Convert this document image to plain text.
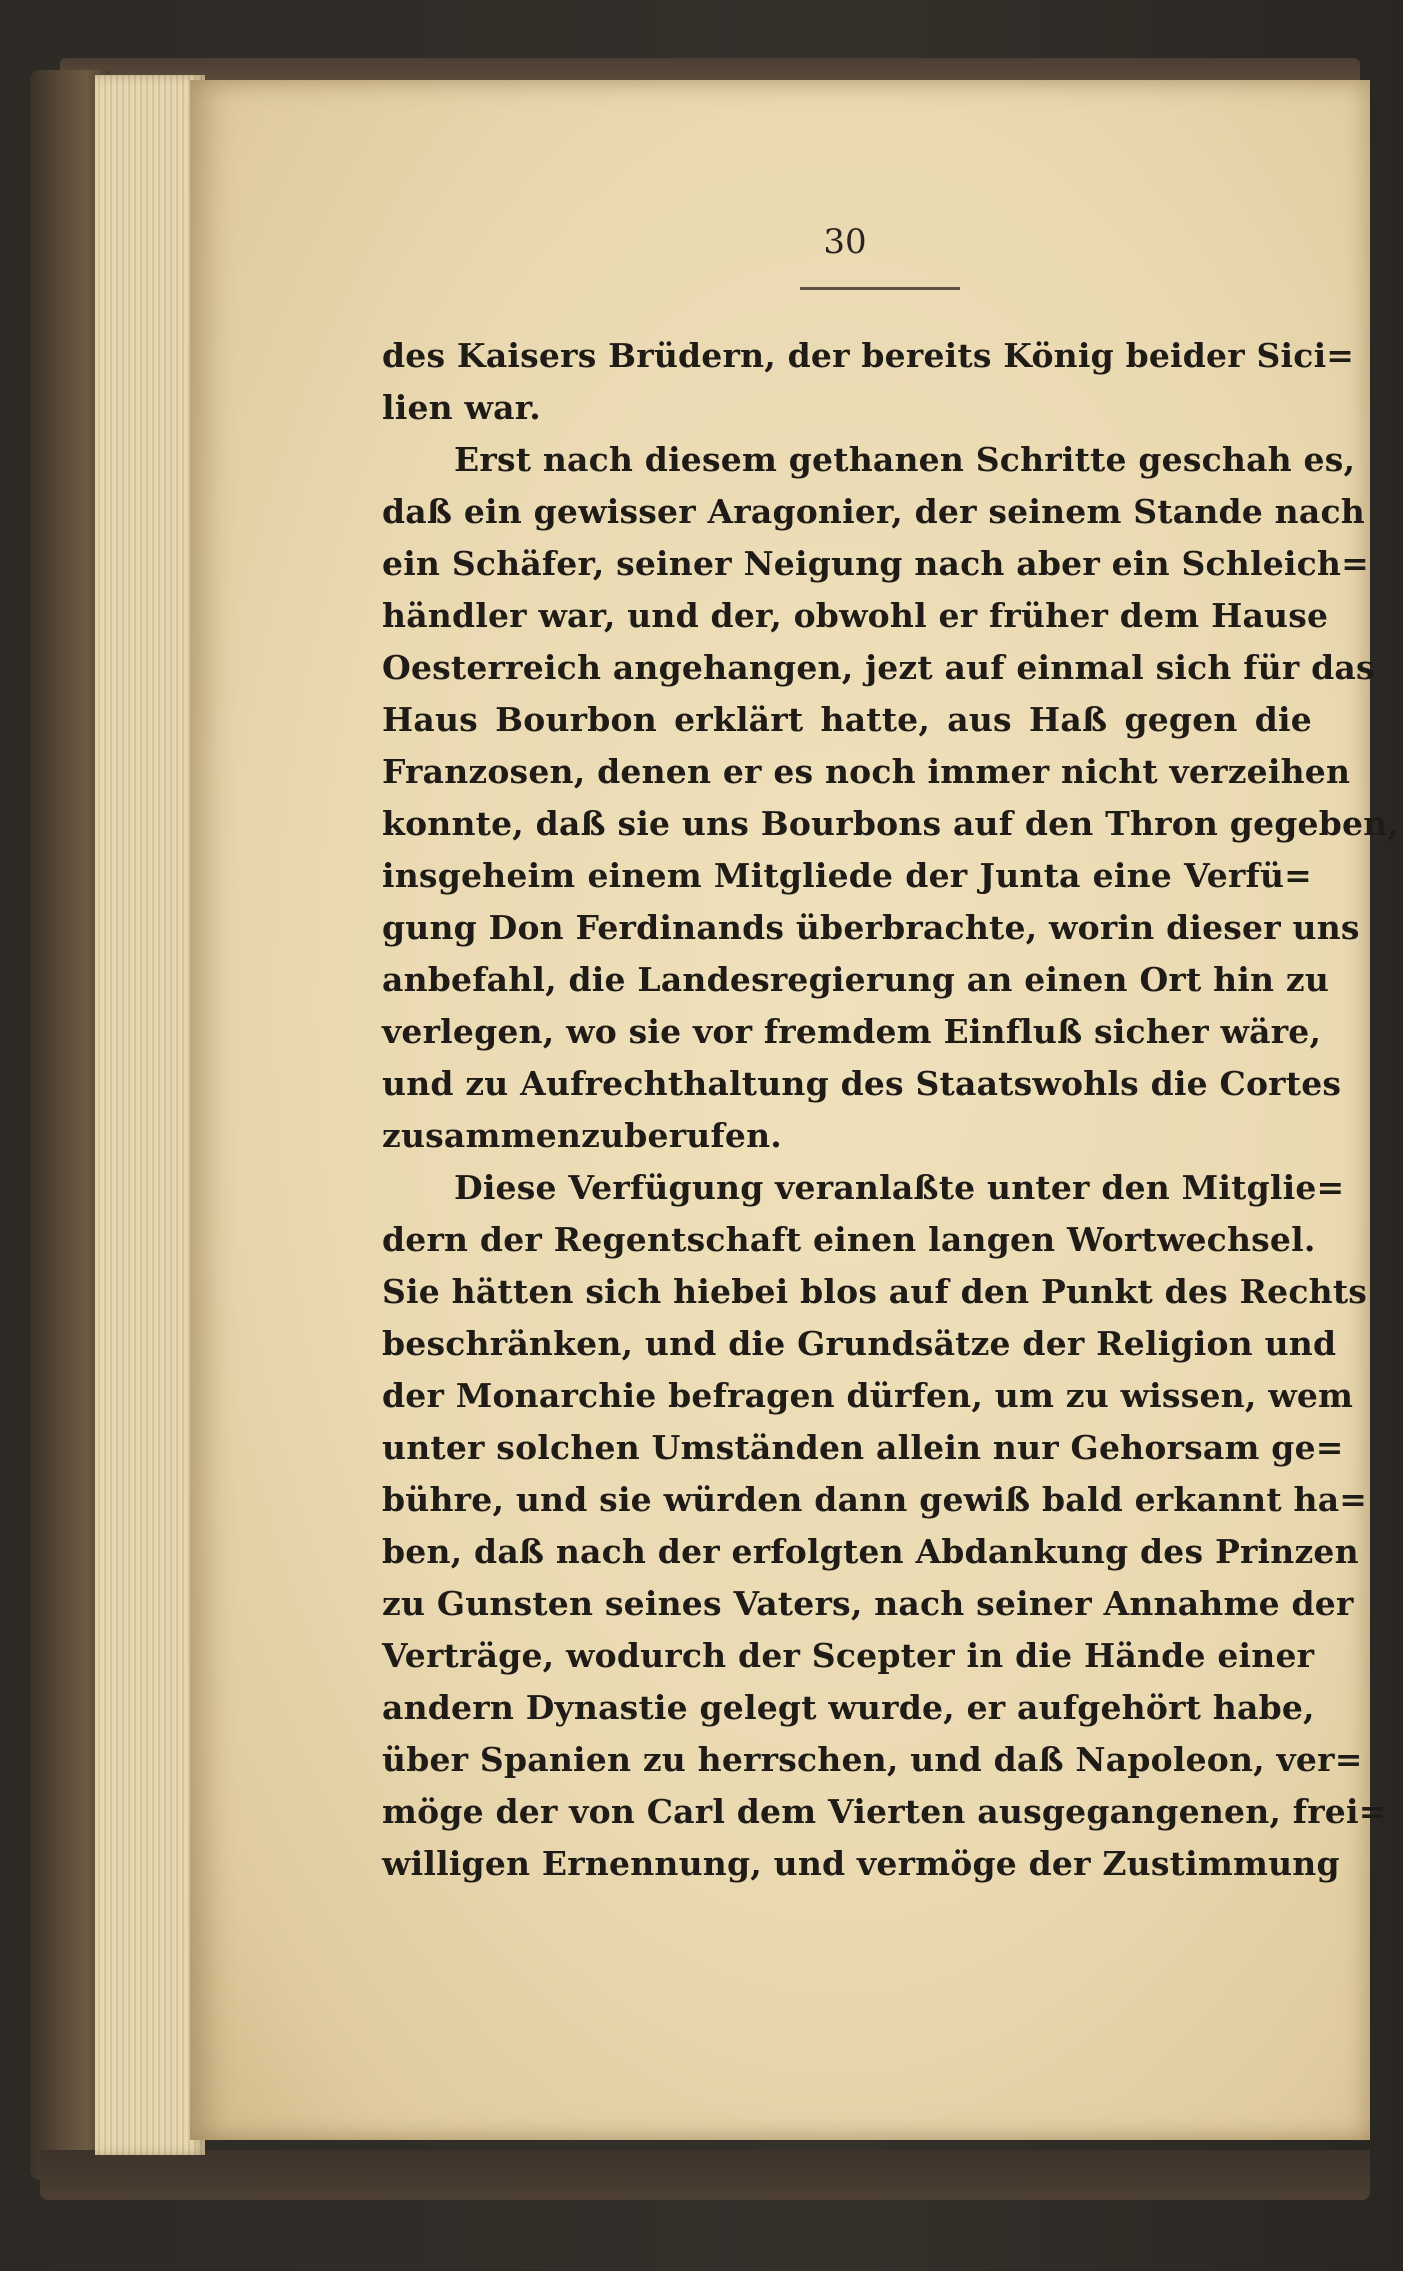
30
des Kaisers Brüdern, der bereits König beider Sici=
lien war.
Erst nach diesem gethanen Schritte geschah es,
daß ein gewisser Aragonier, der seinem Stande nach
ein Schäfer, seiner Neigung nach aber ein Schleich=
händler war, und der, obwohl er früher dem Hause
Oesterreich angehangen, jezt auf einmal sich für das
Haus Bourbon erklärt hatte, aus Haß gegen die
Franzosen, denen er es noch immer nicht verzeihen
konnte, daß sie uns Bourbons auf den Thron gegeben,
insgeheim einem Mitgliede der Junta eine Verfü=
gung Don Ferdinands überbrachte, worin dieser uns
anbefahl, die Landesregierung an einen Ort hin zu
verlegen, wo sie vor fremdem Einfluß sicher wäre,
und zu Aufrechthaltung des Staatswohls die Cortes
zusammenzuberufen.
Diese Verfügung veranlaßte unter den Mitglie=
dern der Regentschaft einen langen Wortwechsel.
Sie hätten sich hiebei blos auf den Punkt des Rechts
beschränken, und die Grundsätze der Religion und
der Monarchie befragen dürfen, um zu wissen, wem
unter solchen Umständen allein nur Gehorsam ge=
bühre, und sie würden dann gewiß bald erkannt ha=
ben, daß nach der erfolgten Abdankung des Prinzen
zu Gunsten seines Vaters, nach seiner Annahme der
Verträge, wodurch der Scepter in die Hände einer
andern Dynastie gelegt wurde, er aufgehört habe,
über Spanien zu herrschen, und daß Napoleon, ver=
möge der von Carl dem Vierten ausgegangenen, frei=
willigen Ernennung, und vermöge der Zustimmung
